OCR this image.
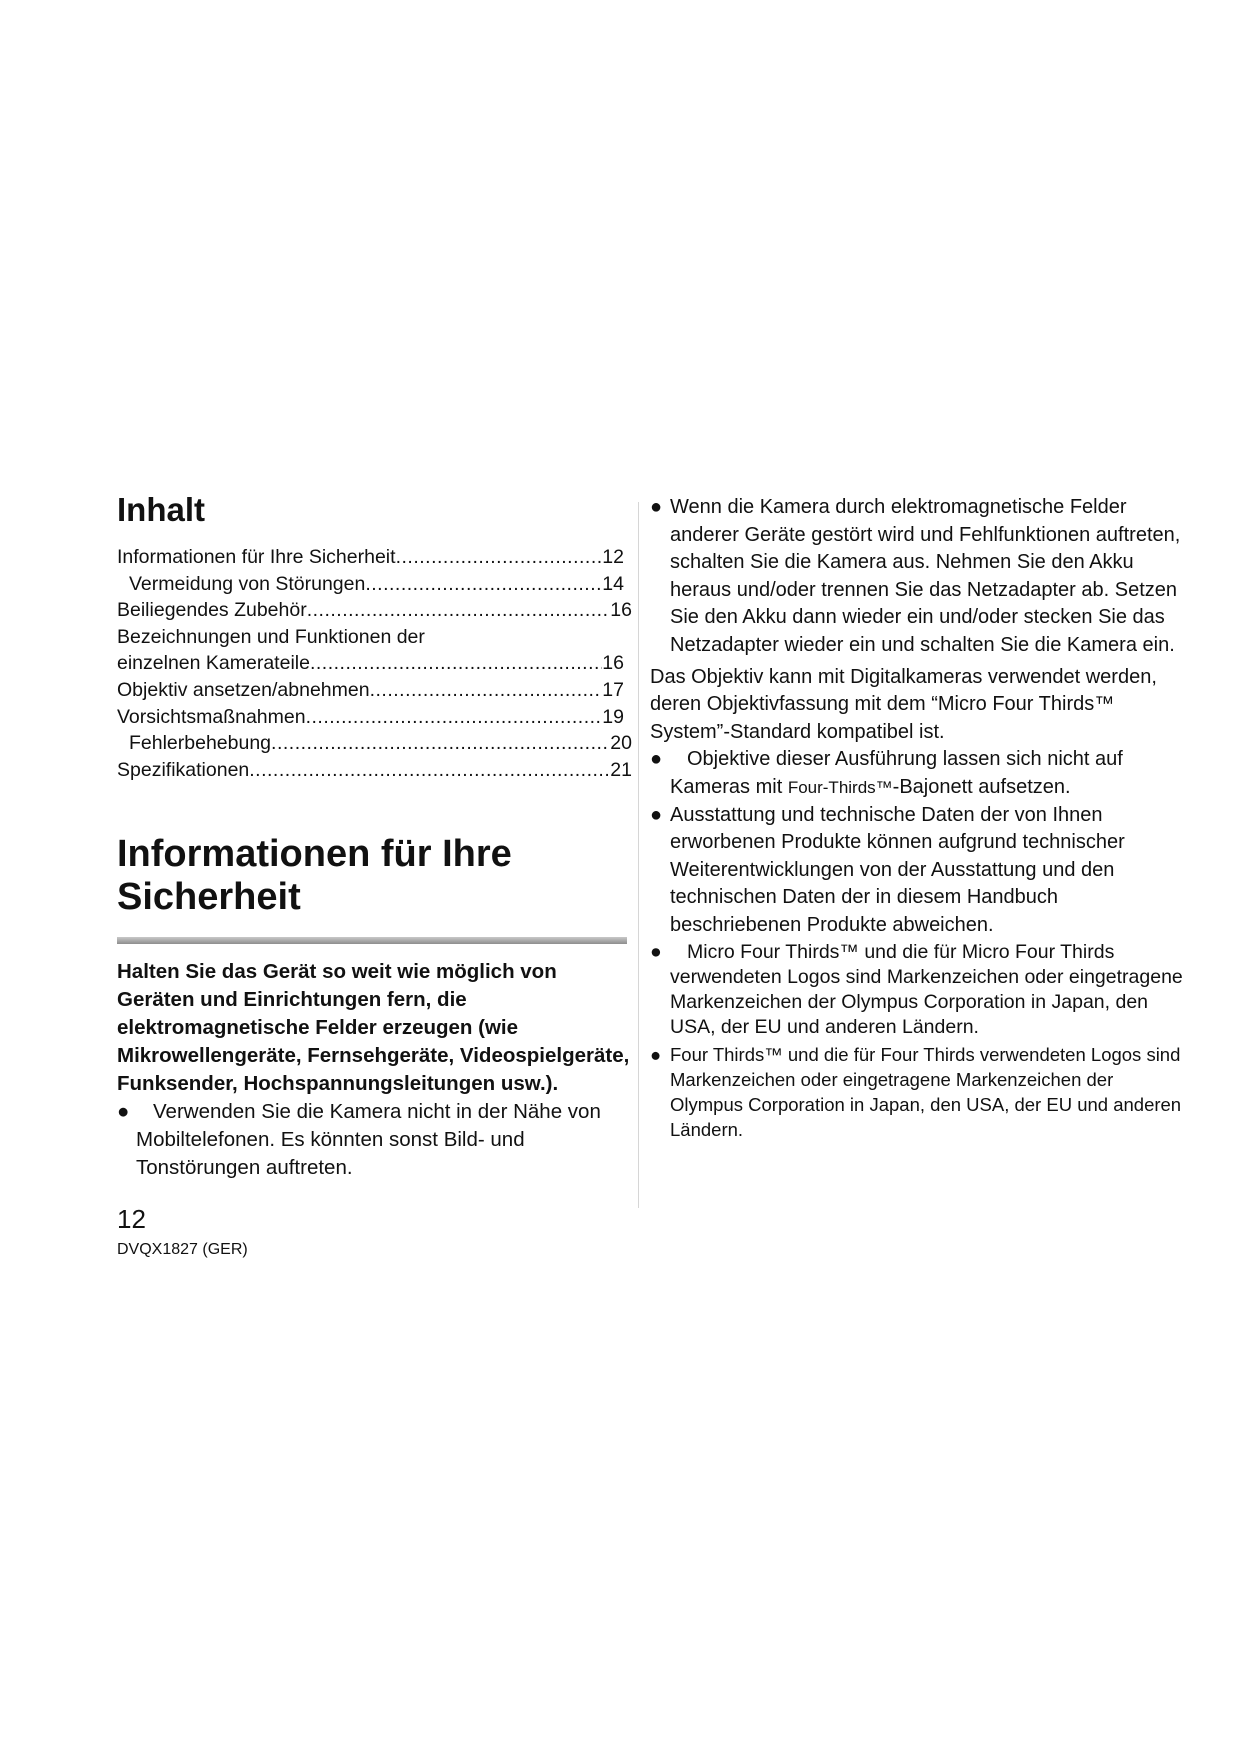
Inhalt
Informationen für Ihre Sicherheit .....	12
Vermeidung von Störungen .....	14
Beiliegendes Zubehör .....	16
Bezeichnungen und Funktionen der
einzelnen Kamerateile .....	16
Objektiv ansetzen/abnehmen .....	17
Vorsichtsmaßnahmen .....	19
Fehlerbehebung .....	20
Spezifikationen .....	21
Informationen für Ihre
Sicherheit
Halten Sie das Gerät so weit wie möglich von Geräten und Einrichtungen fern, die elektromagnetische Felder erzeugen (wie Mikrowellengeräte, Fernsehgeräte, Videospielgeräte, Funksender, Hochspannungsleitungen usw.).
●	Verwenden Sie die Kamera nicht in der Nähe von
Mobiltelefonen. Es könnten sonst Bild- und Tonstörungen auftreten.
● Wenn die Kamera durch elektromagnetische Felder anderer Geräte gestört wird und Fehlfunktionen auftreten, schalten Sie die Kamera aus. Nehmen Sie den Akku heraus und/oder trennen Sie das Netzadapter ab. Setzen Sie den Akku dann wieder ein und/oder stecken Sie das Netzadapter wieder ein und schalten Sie die Kamera ein.
Das Objektiv kann mit Digitalkameras verwendet werden, deren Objektivfassung mit dem “Micro Four Thirds™ System”-Standard kompatibel ist.
●	Objektive dieser Ausführung lassen sich nicht auf
Kameras mit Four-Thirds™-Bajonett aufsetzen.
● Ausstattung und technische Daten der von Ihnen erworbenen Produkte können aufgrund technischer Weiterentwicklungen von der Ausstattung und den technischen Daten der in diesem Handbuch beschriebenen Produkte abweichen.
●	Micro Four Thirds™ und die für Micro Four Thirds
verwendeten Logos sind Markenzeichen oder eingetragene Markenzeichen der Olympus Corporation in Japan, den USA, der EU und anderen Ländern.
● Four Thirds™ und die für Four Thirds verwendeten Logos sind Markenzeichen oder eingetragene Markenzeichen der Olympus Corporation in Japan, den USA, der EU und anderen Ländern.
12
DVQX1827 (GER)
